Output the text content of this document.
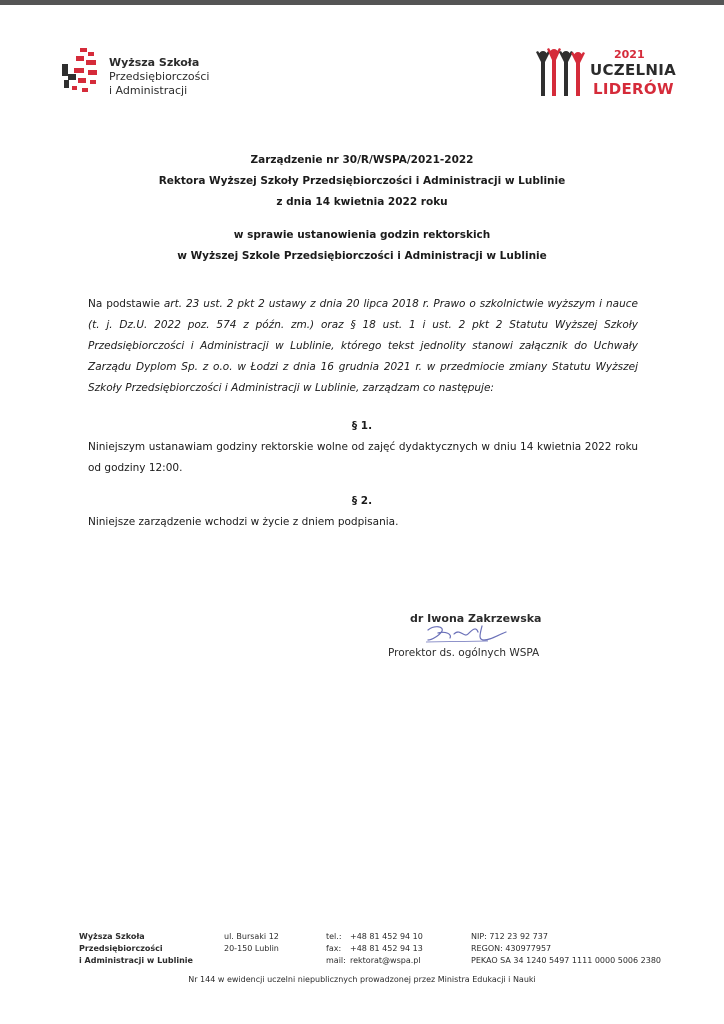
Wyższa Szkoła
Przedsiębiorczości
i Administracji
2021
UCZELNIA
LIDERÓW
Zarządzenie nr 30/R/WSPA/2021-2022
Rektora Wyższej Szkoły Przedsiębiorczości i Administracji w Lublinie
z dnia 14 kwietnia 2022 roku
w sprawie ustanowienia godzin rektorskich
w Wyższej Szkole Przedsiębiorczości i Administracji w Lublinie
Na podstawie art. 23 ust. 2 pkt 2 ustawy z dnia 20 lipca 2018 r. Prawo o szkolnictwie wyższym i nauce (t. j. Dz.U. 2022 poz. 574 z późn. zm.) oraz § 18 ust. 1 i ust. 2 pkt 2 Statutu Wyższej Szkoły Przedsiębiorczości i Administracji w Lublinie, którego tekst jednolity stanowi załącznik do Uchwały Zarządu Dyplom Sp. z o.o. w Łodzi z dnia 16 grudnia 2021 r. w przedmiocie zmiany Statutu Wyższej Szkoły Przedsiębiorczości i Administracji w Lublinie, zarządzam co następuje:
§ 1.
Niniejszym ustanawiam godziny rektorskie wolne od zajęć dydaktycznych w dniu 14 kwietnia 2022 roku od godziny 12:00.
§ 2.
Niniejsze zarządzenie wchodzi w życie z dniem podpisania.
dr Iwona Zakrzewska
Prorektor ds. ogólnych WSPA
Wyższa Szkoła
Przedsiębiorczości
i Administracji w Lublinie
ul. Bursaki 12
20-150 Lublin
tel.: +48 81 452 94 10
fax: +48 81 452 94 13
mail: rektorat@wspa.pl
NIP: 712 23 92 737
REGON: 430977957
PEKAO SA 34 1240 5497 1111 0000 5006 2380
Nr 144 w ewidencji uczelni niepublicznych prowadzonej przez Ministra Edukacji i Nauki
